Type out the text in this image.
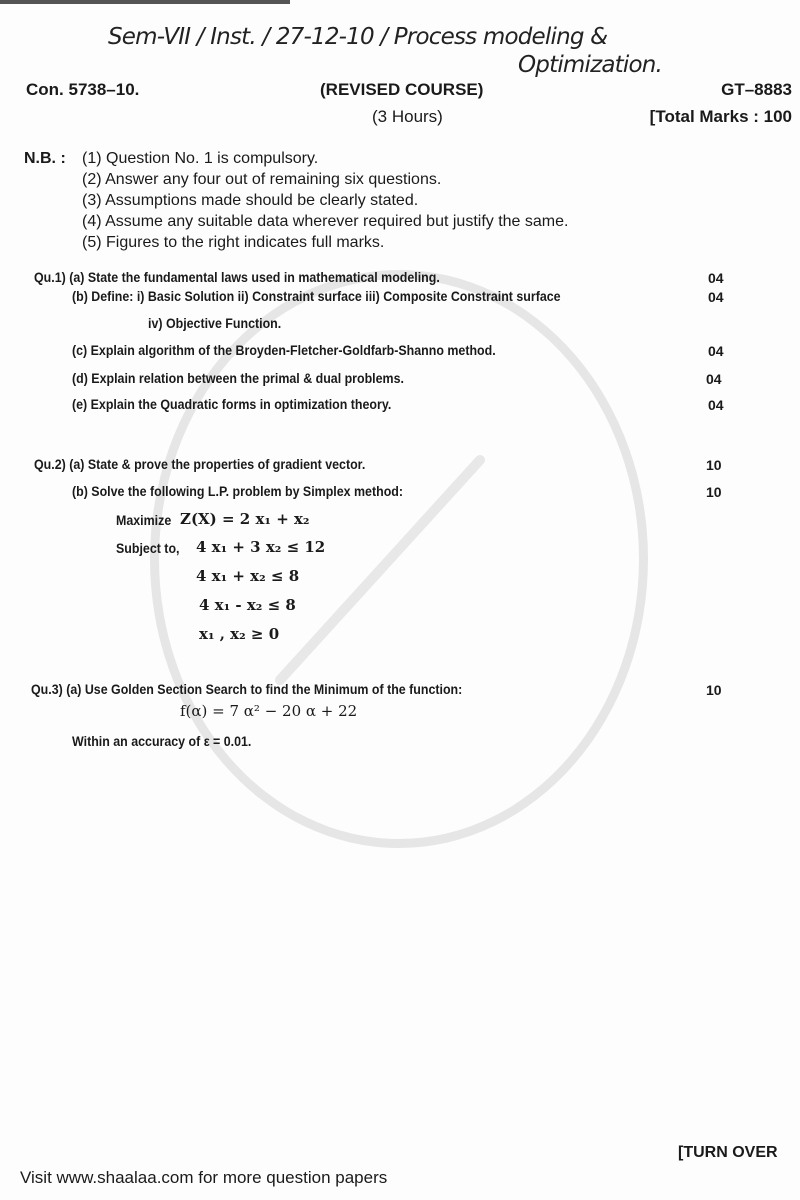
Sem-VII / Inst. / 27-12-10 / Process modeling &
Optimization.
Con. 5738–10.	(REVISED COURSE)	GT–8883
(3 Hours)	[Total Marks : 100
N.B. : (1) Question No. 1 is compulsory.
(2) Answer any four out of remaining six questions.
(3) Assumptions made should be clearly stated.
(4) Assume any suitable data wherever required but justify the same.
(5) Figures to the right indicates full marks.
Qu.1) (a) State the fundamental laws used in mathematical modeling.	04
(b) Define: i) Basic Solution ii) Constraint surface iii) Composite Constraint surface	04
iv) Objective Function.
(c) Explain algorithm of the Broyden-Fletcher-Goldfarb-Shanno method.	04
(d) Explain relation between the primal & dual problems.	04
(e) Explain the Quadratic forms in optimization theory.	04
Qu.2) (a) State & prove the properties of gradient vector.	10
(b) Solve the following L.P. problem by Simplex method:	10
Maximize Z(X) = 2 x₁ + x₂
Subject to, 4 x₁ + 3 x₂ ≤ 12
4 x₁ + x₂ ≤ 8
4 x₁ - x₂ ≤ 8
x₁ , x₂ ≥ 0
Qu.3) (a) Use Golden Section Search to find the Minimum of the function:	10
f(α) = 7 α² − 20 α + 22
Within an accuracy of ε = 0.01.
[TURN OVER
Visit www.shaalaa.com for more question papers
